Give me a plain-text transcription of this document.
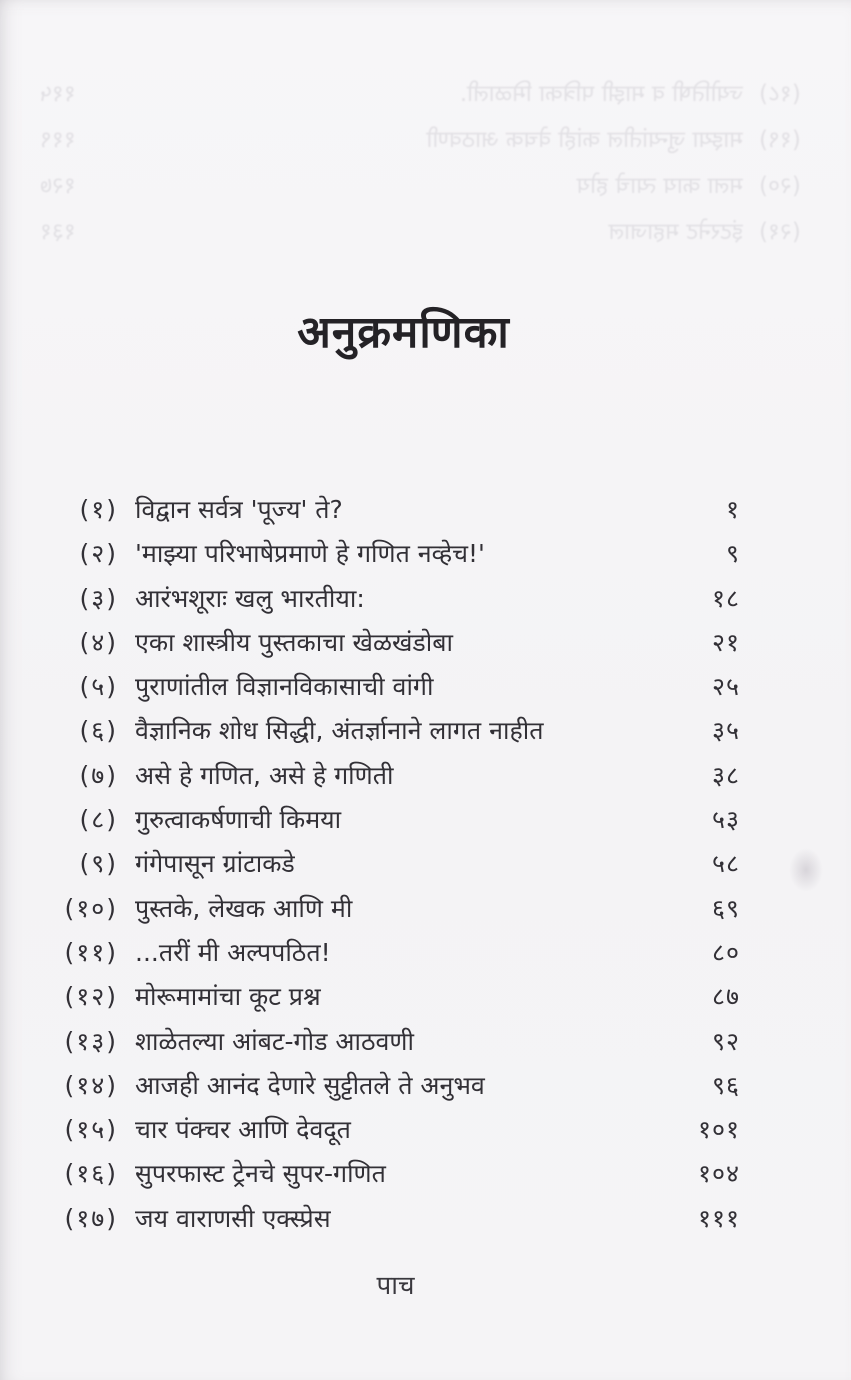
(१८)
ज्योतिषी व माझी पत्रिका मिळाली.
११५
(१९)
माझ्या जुन्यांतील कांही वेचक आठवणी
११९
(२०)
मला काय त्याचे होय
१२७
(२१)
इंटरनेट महाजाल
१३१
अनुक्रमणिका
(१) विद्वान सर्वत्र 'पूज्य' ते?	१
(२) 'माझ्या परिभाषेप्रमाणे हे गणित नव्हेच!'	९
(३) आरंभशूराः खलु भारतीया:	१८
(४) एका शास्त्रीय पुस्तकाचा खेळखंडोबा	२१
(५) पुराणांतील विज्ञानविकासाची वांगी	२५
(६) वैज्ञानिक शोध सिद्धी, अंतर्ज्ञानाने लागत नाहीत	३५
(७) असे हे गणित, असे हे गणिती	३८
(८) गुरुत्वाकर्षणाची किमया	५३
(९) गंगेपासून ग्रांटाकडे	५८
(१०) पुस्तके, लेखक आणि मी	६९
(११) ...तरीं मी अल्पपठित!	८०
(१२) मोरूमामांचा कूट प्रश्न	८७
(१३) शाळेतल्या आंबट-गोड आठवणी	९२
(१४) आजही आनंद देणारे सुट्टीतले ते अनुभव	९६
(१५) चार पंक्चर आणि देवदूत	१०१
(१६) सुपरफास्ट ट्रेनचे सुपर-गणित	१०४
(१७) जय वाराणसी एक्स्प्रेस	१११
पाच
